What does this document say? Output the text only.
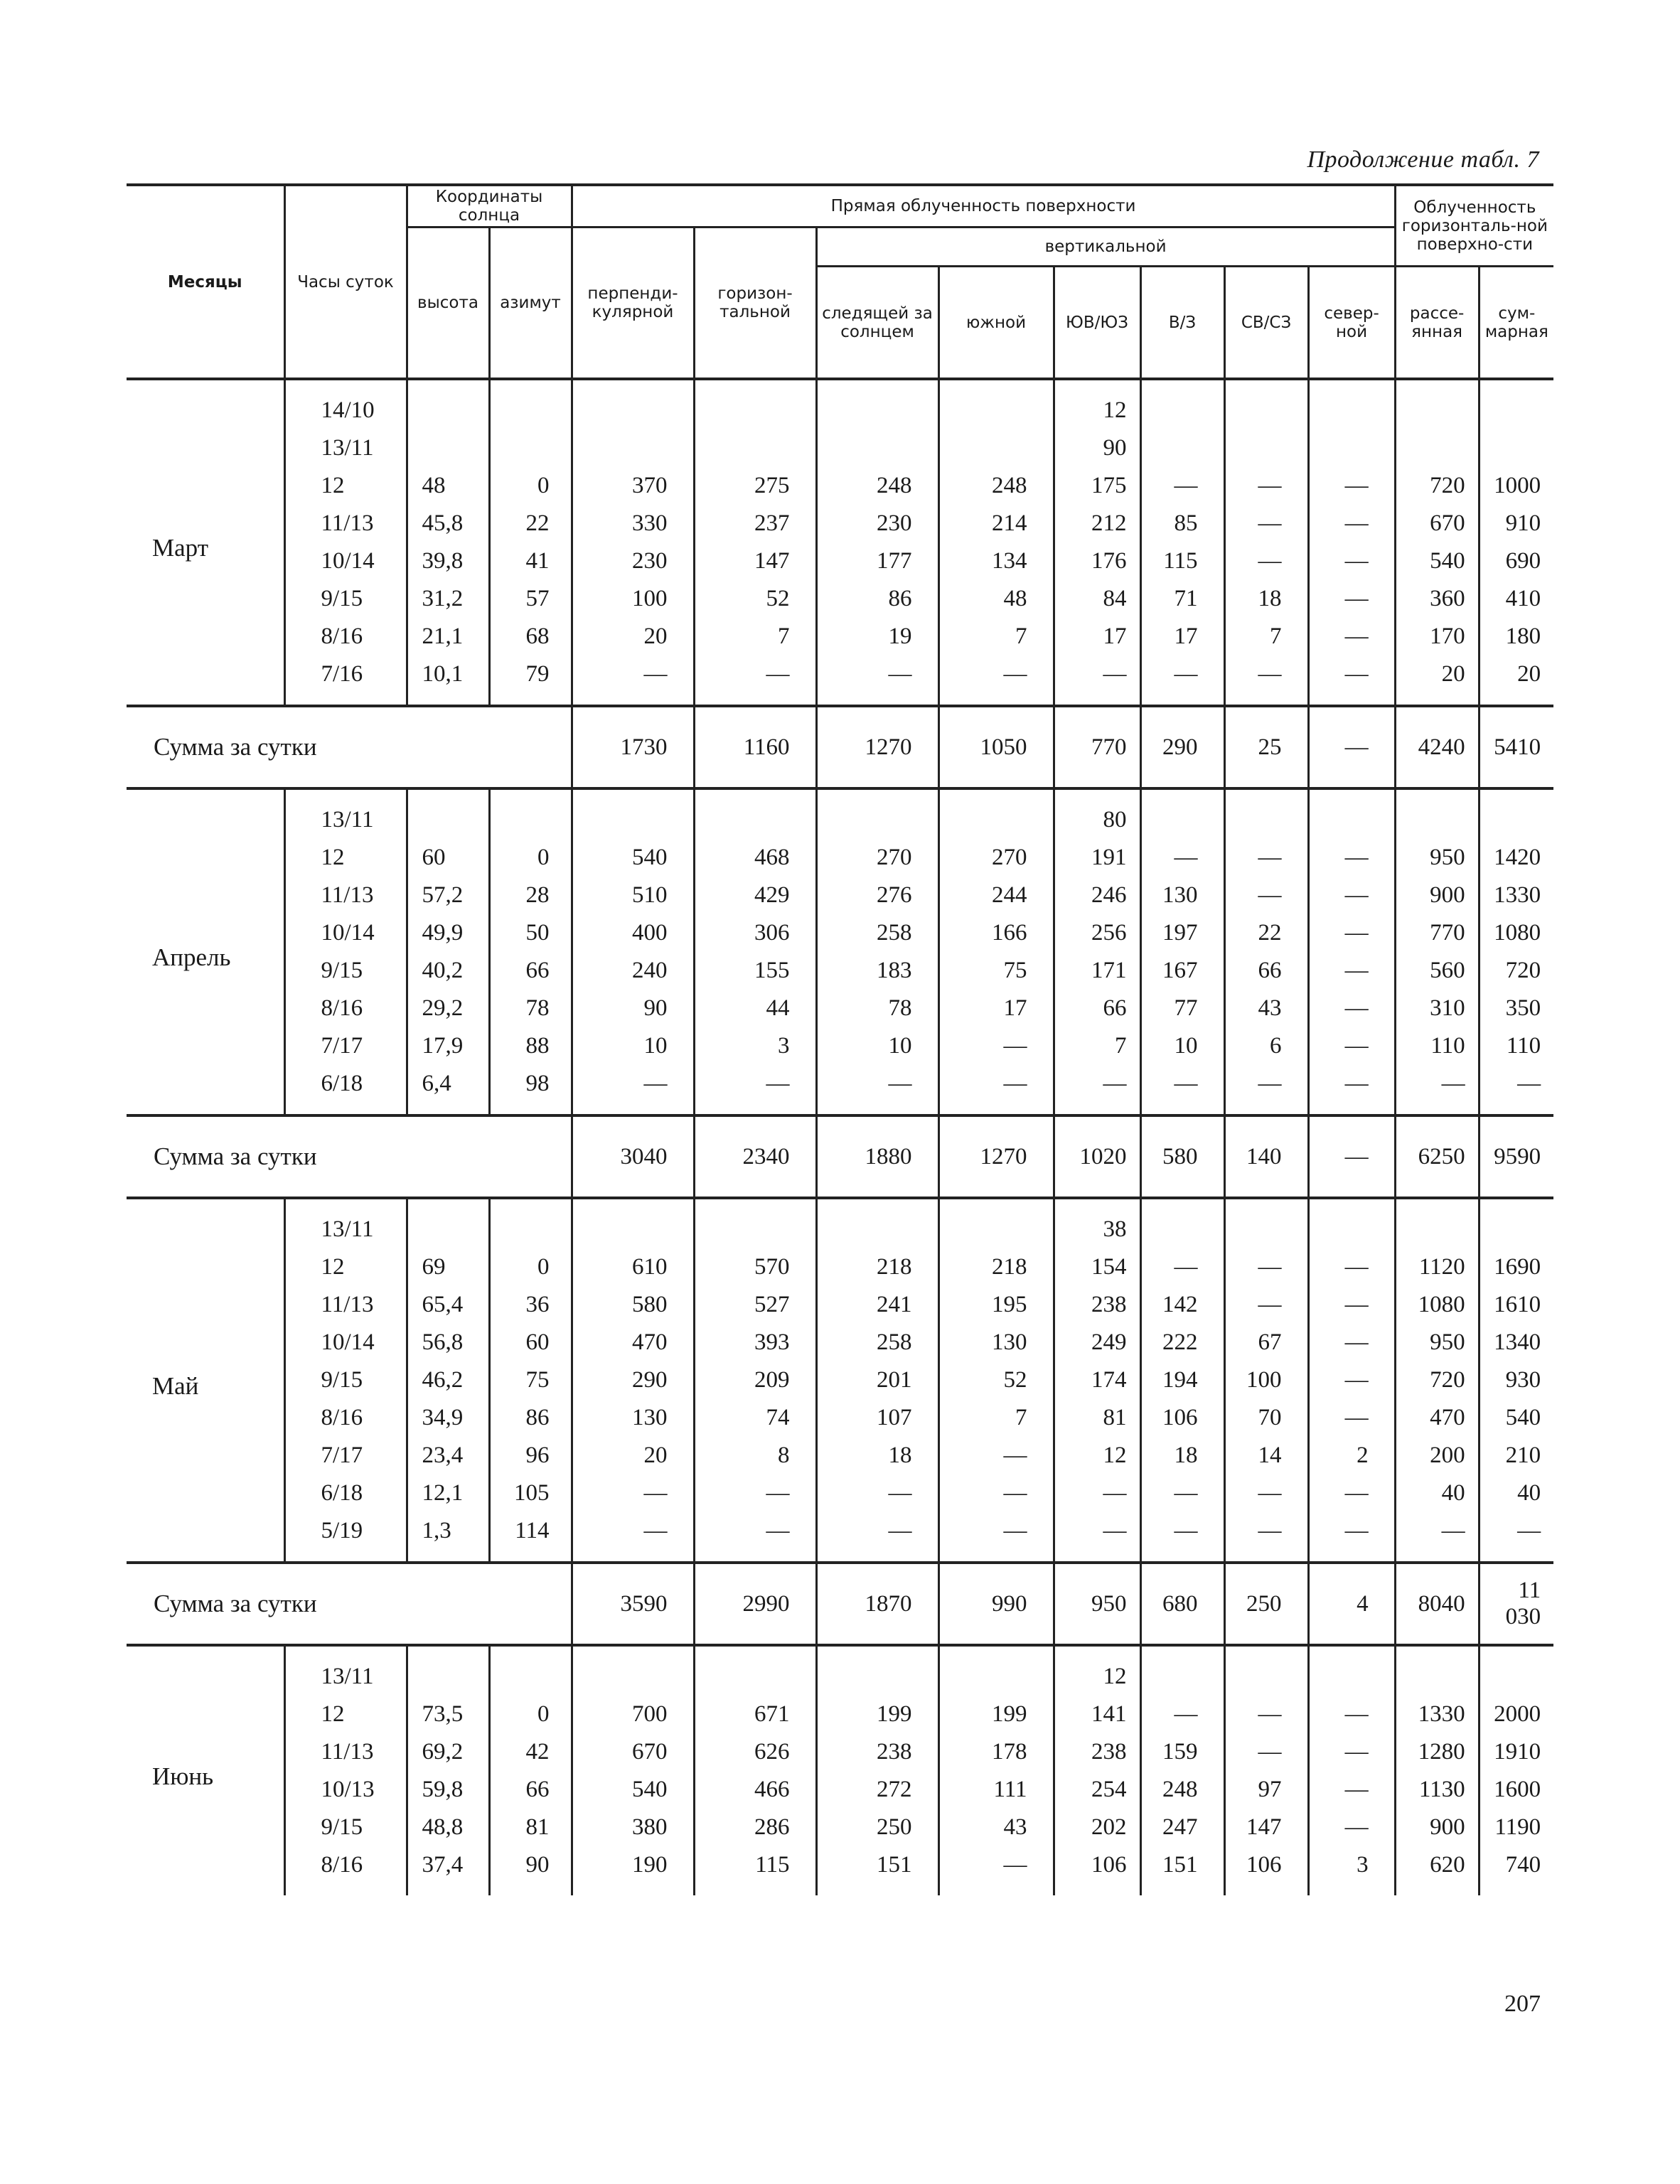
Продолжение табл. 7
Месяцы	Часы суток	Координаты солнца		Прямая облученность поверхности								Облученность горизонталь-ной поверхно-сти	
		высота	азимут	перпенди-кулярной	горизон-тальной	вертикальной							
						следящей за солнцем	южной	ЮВ/ЮЗ	В/З	СВ/СЗ	север-ной	рассе-янная	сум-марная
Март	14/10							12					
	13/11							90					
	12	48	0	370	275	248	248	175	—	—	—	720	1000
	11/13	45,8	22	330	237	230	214	212	85	—	—	670	910
	10/14	39,8	41	230	147	177	134	176	115	—	—	540	690
	9/15	31,2	57	100	52	86	48	84	71	18	—	360	410
	8/16	21,1	68	20	7	19	7	17	17	7	—	170	180
	7/16	10,1	79	—	—	—	—	—	—	—	—	20	20
Сумма за сутки				1730	1160	1270	1050	770	290	25	—	4240	5410
Апрель	13/11							80					
	12	60	0	540	468	270	270	191	—	—	—	950	1420
	11/13	57,2	28	510	429	276	244	246	130	—	—	900	1330
	10/14	49,9	50	400	306	258	166	256	197	22	—	770	1080
	9/15	40,2	66	240	155	183	75	171	167	66	—	560	720
	8/16	29,2	78	90	44	78	17	66	77	43	—	310	350
	7/17	17,9	88	10	3	10	—	7	10	6	—	110	110
	6/18	6,4	98	—	—	—	—	—	—	—	—	—	—
Сумма за сутки				3040	2340	1880	1270	1020	580	140	—	6250	9590
Май	13/11							38					
	12	69	0	610	570	218	218	154	—	—	—	1120	1690
	11/13	65,4	36	580	527	241	195	238	142	—	—	1080	1610
	10/14	56,8	60	470	393	258	130	249	222	67	—	950	1340
	9/15	46,2	75	290	209	201	52	174	194	100	—	720	930
	8/16	34,9	86	130	74	107	7	81	106	70	—	470	540
	7/17	23,4	96	20	8	18	—	12	18	14	2	200	210
	6/18	12,1	105	—	—	—	—	—	—	—	—	40	40
	5/19	1,3	114	—	—	—	—	—	—	—	—	—	—
Сумма за сутки				3590	2990	1870	990	950	680	250	4	8040	11 030
Июнь	13/11							12					
	12	73,5	0	700	671	199	199	141	—	—	—	1330	2000
	11/13	69,2	42	670	626	238	178	238	159	—	—	1280	1910
	10/13	59,8	66	540	466	272	111	254	248	97	—	1130	1600
	9/15	48,8	81	380	286	250	43	202	247	147	—	900	1190
	8/16	37,4	90	190	115	151	—	106	151	106	3	620	740
207
